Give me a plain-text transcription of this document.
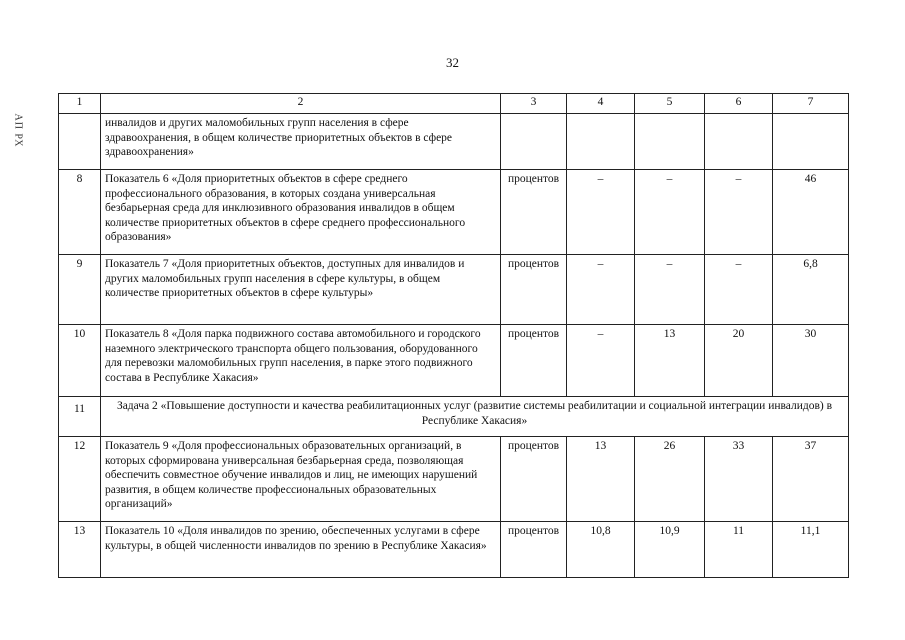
32
АП РХ
1	2	3	4	5	6	7
	инвалидов и других маломобильных групп населения в сфере здравоохранения, в общем количестве приоритетных объектов в сфере здравоохранения»					
8	Показатель 6 «Доля приоритетных объектов в сфере среднего профессионального образования, в которых создана универсальная безбарьерная среда для инклюзивного образования инвалидов в общем количестве приоритетных объектов в сфере среднего профессионального образования»	процентов	–	–	–	46
9	Показатель 7 «Доля приоритетных объектов, доступных для инвалидов и других маломобильных групп населения в сфере культуры, в общем количестве приоритетных объектов в сфере культуры»	процентов	–	–	–	6,8
10	Показатель 8 «Доля парка подвижного состава автомобильного и городского наземного электрического транспорта общего пользования, оборудованного для перевозки маломобильных групп населения, в парке этого подвижного состава в Республике Хакасия»	процентов	–	13	20	30
11	Задача 2 «Повышение доступности и качества реабилитационных услуг (развитие системы реабилитации и социальной интеграции инвалидов) в Республике Хакасия»					
12	Показатель 9 «Доля профессиональных образовательных организаций, в которых сформирована универсальная безбарьерная среда, позволяющая обеспечить совместное обучение инвалидов и лиц, не имеющих нарушений развития, в общем количестве профессиональных образовательных организаций»	процентов	13	26	33	37
13	Показатель 10 «Доля инвалидов по зрению, обеспеченных услугами в сфере культуры, в общей численности инвалидов по зрению в Республике Хакасия»	процентов	10,8	10,9	11	11,1
